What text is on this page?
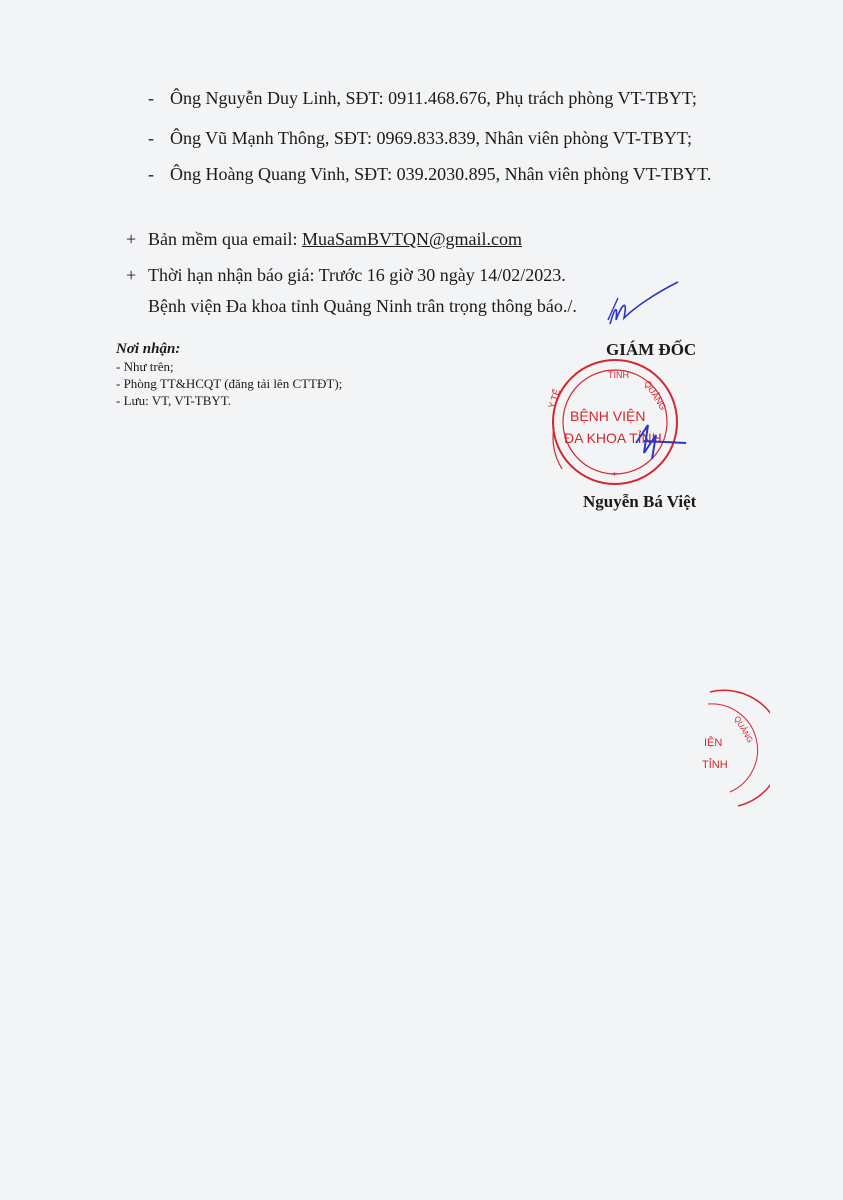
- Ông Nguyễn Duy Linh, SĐT: 0911.468.676, Phụ trách phòng VT-TBYT;
- Ông Vũ Mạnh Thông, SĐT: 0969.833.839, Nhân viên phòng VT-TBYT;
- Ông Hoàng Quang Vinh, SĐT: 039.2030.895, Nhân viên phòng VT-TBYT.
+ Bản mềm qua email: MuaSamBVTQN@gmail.com
+ Thời hạn nhận báo giá: Trước 16 giờ 30 ngày 14/02/2023.
Bệnh viện Đa khoa tỉnh Quảng Ninh trân trọng thông báo./.
Nơi nhận:
- Như trên;
- Phòng TT&HCQT (đăng tải lên CTTĐT);
- Lưu: VT, VT-TBYT.
GIÁM ĐỐC
TỈNH
QUẢNG
Y TẾ
BỆNH VIỆN
ĐA KHOA TỈNH
*
Nguyễn Bá Việt
IỆN
TỈNH
QUẢNG
